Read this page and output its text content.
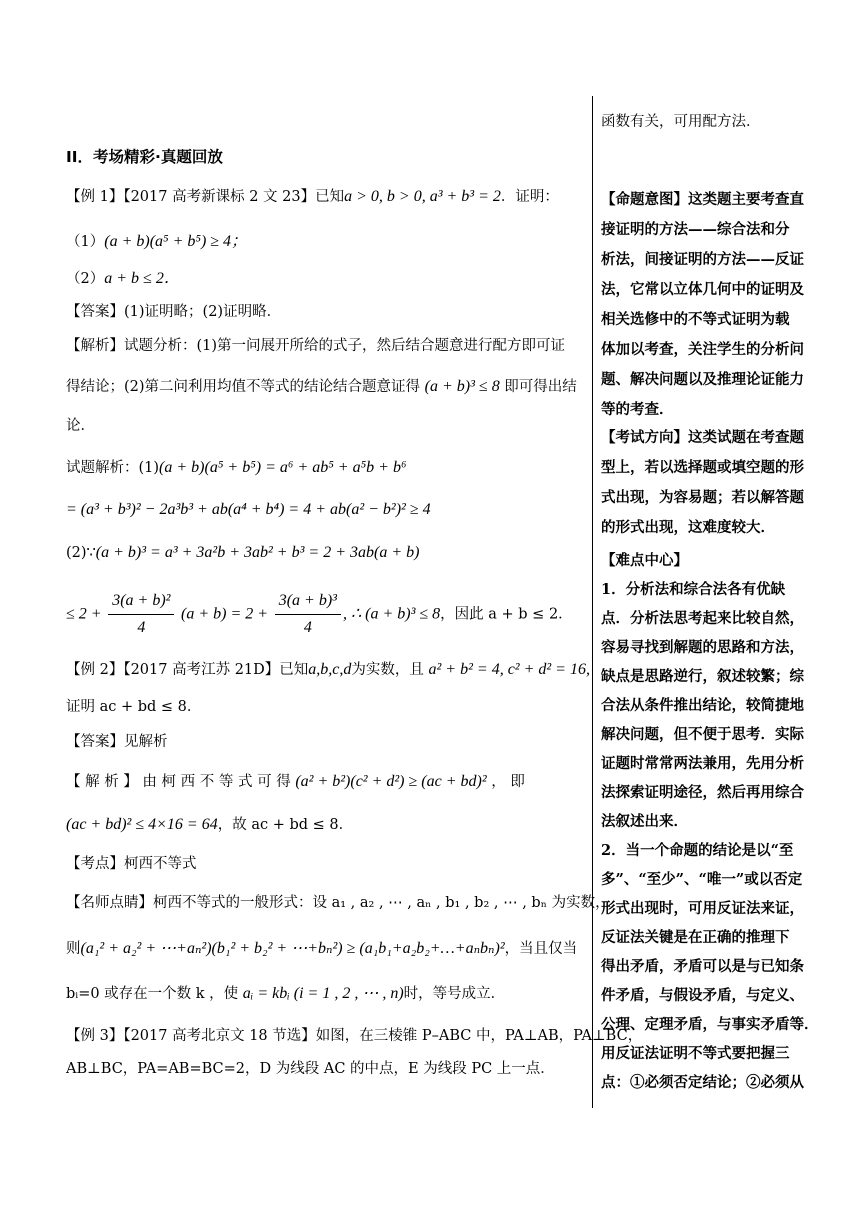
II．考场精彩·真题回放
【例 1】【2017 高考新课标 2 文 23】已知a > 0, b > 0, a³ + b³ = 2．证明：
（1）(a + b)(a⁵ + b⁵) ≥ 4；
（2）a + b ≤ 2．
【答案】(1)证明略；(2)证明略．
【解析】试题分析：(1)第一问展开所给的式子，然后结合题意进行配方即可证
得结论；(2)第二问利用均值不等式的结论结合题意证得 (a + b)³ ≤ 8 即可得出结
论．
试题解析：(1)(a + b)(a⁵ + b⁵) = a⁶ + ab⁵ + a⁵b + b⁶
= (a³ + b³)² − 2a³b³ + ab(a⁴ + b⁴) = 4 + ab(a² − b²)² ≥ 4
(2)∵(a + b)³ = a³ + 3a²b + 3ab² + b³ = 2 + 3ab(a + b)
≤ $2 + \frac{\text{3(a + b)²}}{4} (a + b) = 2 + \frac{\text{3(a + b)³}}{4}$ , ∴ (a + b)³ ≤ 8，因此 a + b ≤ 2．
【例 2】【2017 高考江苏 21D】已知a,b,c,d为实数，且 a² + b² = 4, c² + d² = 16,
证明 ac + bd ≤ 8．
【答案】见解析
【 解 析 】 由 柯 西 不 等 式 可 得 (a² + b²)(c² + d²) ≥ (ac + bd)² ， 即
(ac + bd)² ≤ 4×16 = 64，故 ac + bd ≤ 8．
【考点】柯西不等式
【名师点睛】柯西不等式的一般形式：设 a₁ , a₂ , ⋯ , aₙ , b₁ , b₂ , ⋯ , bₙ 为实数，
则(a₁² + a₂² + ⋯+aₙ²)(b₁² + b₂² + ⋯+bₙ²) ≥ (a₁b₁+a₂b₂+…+aₙbₙ)²，当且仅当
bᵢ=0 或存在一个数 k ，使 aᵢ = kbᵢ (i = 1 , 2 , ⋯ , n)时，等号成立．
【例 3】【2017 高考北京文 18 节选】如图，在三棱锥 P–ABC 中，PA⊥AB，PA⊥BC，
AB⊥BC，PA=AB=BC=2，D 为线段 AC 的中点，E 为线段 PC 上一点．
函数有关，可用配方法．
【命题意图】这类题主要考查直
接证明的方法——综合法和分
析法，间接证明的方法——反证
法，它常以立体几何中的证明及
相关选修中的不等式证明为载
体加以考查，关注学生的分析问
题、解决问题以及推理论证能力
等的考查．
【考试方向】这类试题在考查题
型上，若以选择题或填空题的形
式出现，为容易题；若以解答题
的形式出现，这难度较大．
【难点中心】
1．分析法和综合法各有优缺
点．分析法思考起来比较自然，
容易寻找到解题的思路和方法，
缺点是思路逆行，叙述较繁；综
合法从条件推出结论，较简捷地
解决问题，但不便于思考．实际
证题时常常两法兼用，先用分析
法探索证明途径，然后再用综合
法叙述出来．
2．当一个命题的结论是以“至
多”、“至少”、“唯一”或以否定
形式出现时，可用反证法来证，
反证法关键是在正确的推理下
得出矛盾，矛盾可以是与已知条
件矛盾，与假设矛盾，与定义、
公理、定理矛盾，与事实矛盾等．
用反证法证明不等式要把握三
点：①必须否定结论；②必须从
